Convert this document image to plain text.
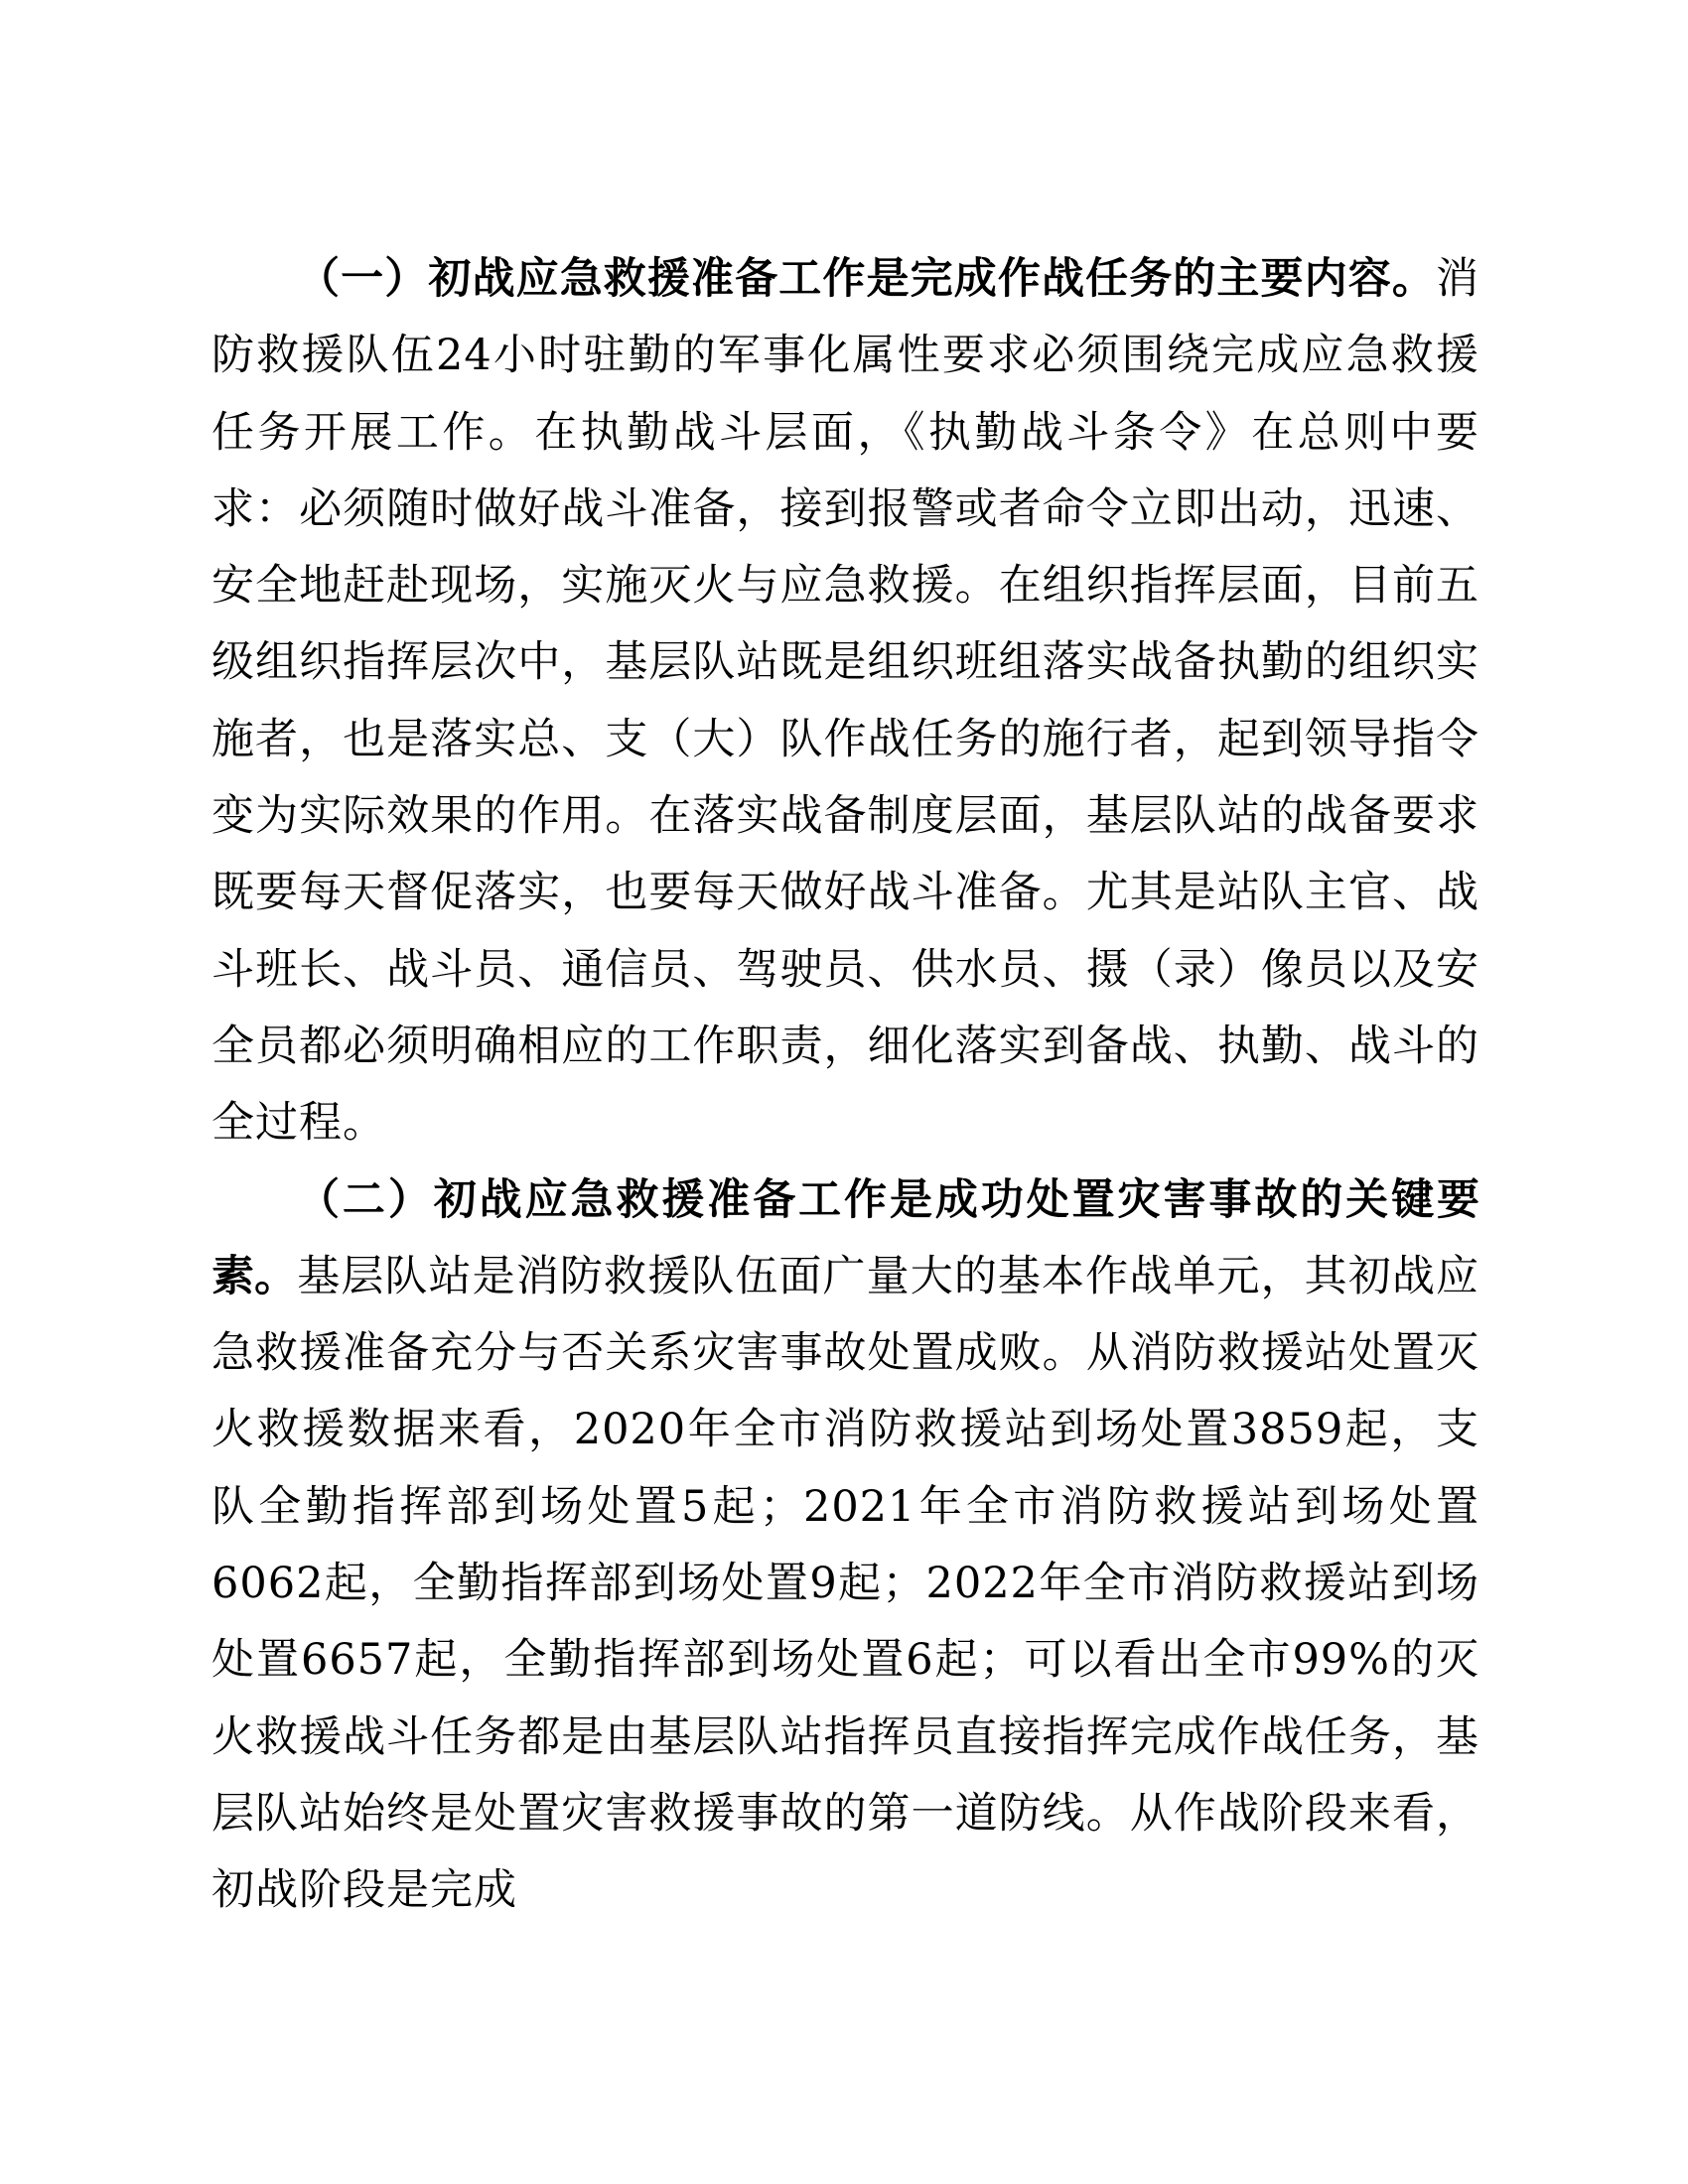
（一）初战应急救援准备工作是完成作战任务的主要内容。消防救援队伍24小时驻勤的军事化属性要求必须围绕完成应急救援任务开展工作。在执勤战斗层面，《执勤战斗条令》在总则中要求：必须随时做好战斗准备，接到报警或者命令立即出动，迅速、安全地赶赴现场，实施灭火与应急救援。在组织指挥层面，目前五级组织指挥层次中，基层队站既是组织班组落实战备执勤的组织实施者，也是落实总、支（大）队作战任务的施行者，起到领导指令变为实际效果的作用。在落实战备制度层面，基层队站的战备要求既要每天督促落实，也要每天做好战斗准备。尤其是站队主官、战斗班长、战斗员、通信员、驾驶员、供水员、摄（录）像员以及安全员都必须明确相应的工作职责，细化落实到备战、执勤、战斗的全过程。

（二）初战应急救援准备工作是成功处置灾害事故的关键要素。基层队站是消防救援队伍面广量大的基本作战单元，其初战应急救援准备充分与否关系灾害事故处置成败。从消防救援站处置灭火救援数据来看，2020年全市消防救援站到场处置3859起，支队全勤指挥部到场处置5起；2021年全市消防救援站到场处置6062起，全勤指挥部到场处置9起；2022年全市消防救援站到场处置6657起，全勤指挥部到场处置6起；可以看出全市99%的灭火救援战斗任务都是由基层队站指挥员直接指挥完成作战任务，基层队站始终是处置灾害救援事故的第一道防线。从作战阶段来看，初战阶段是完成
